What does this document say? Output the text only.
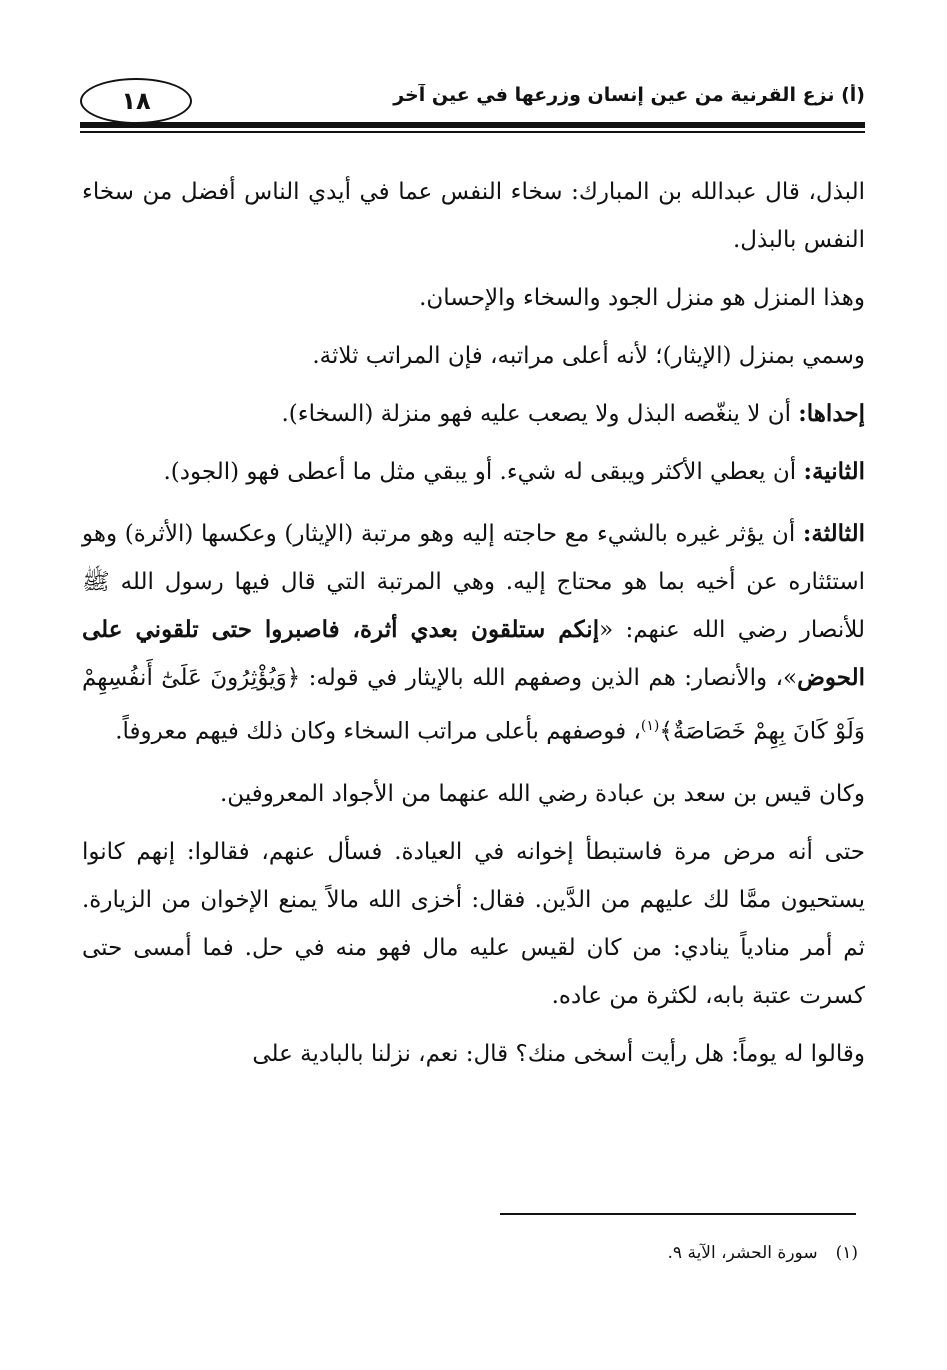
١٨	(أ) نزع القرنية من عين إنسان وزرعها في عين آخر

البذل، قال عبدالله بن المبارك: سخاء النفس عما في أيدي الناس أفضل من سخاء النفس بالبذل.

وهذا المنزل هو منزل الجود والسخاء والإحسان.

وسمي بمنزل (الإيثار)؛ لأنه أعلى مراتبه، فإن المراتب ثلاثة.

إحداها: أن لا ينغّصه البذل ولا يصعب عليه فهو منزلة (السخاء).

الثانية: أن يعطي الأكثر ويبقى له شيء. أو يبقي مثل ما أعطى فهو (الجود).

الثالثة: أن يؤثر غيره بالشيء مع حاجته إليه وهو مرتبة (الإيثار) وعكسها (الأثرة) وهو استئثاره عن أخيه بما هو محتاج إليه. وهي المرتبة التي قال فيها رسول الله ﷺ للأنصار رضي الله عنهم: «إنكم ستلقون بعدي أثرة، فاصبروا حتى تلقوني على الحوض»، والأنصار: هم الذين وصفهم الله بالإيثار في قوله: ﴿وَيُؤْثِرُونَ عَلَىٰٓ أَنفُسِهِمْ وَلَوْ كَانَ بِهِمْ خَصَاصَةٌ﴾$^{(١)}$، فوصفهم بأعلى مراتب السخاء وكان ذلك فيهم معروفاً.

وكان قيس بن سعد بن عبادة رضي الله عنهما من الأجواد المعروفين.

حتى أنه مرض مرة فاستبطأ إخوانه في العيادة. فسأل عنهم، فقالوا: إنهم كانوا يستحيون ممَّا لك عليهم من الدَّين. فقال: أخزى الله مالاً يمنع الإخوان من الزيارة. ثم أمر منادياً ينادي: من كان لقيس عليه مال فهو منه في حل. فما أمسى حتى كسرت عتبة بابه، لكثرة من عاده.

وقالوا له يوماً: هل رأيت أسخى منك؟ قال: نعم، نزلنا بالبادية على

(١)سورة الحشر، الآية ٩.
